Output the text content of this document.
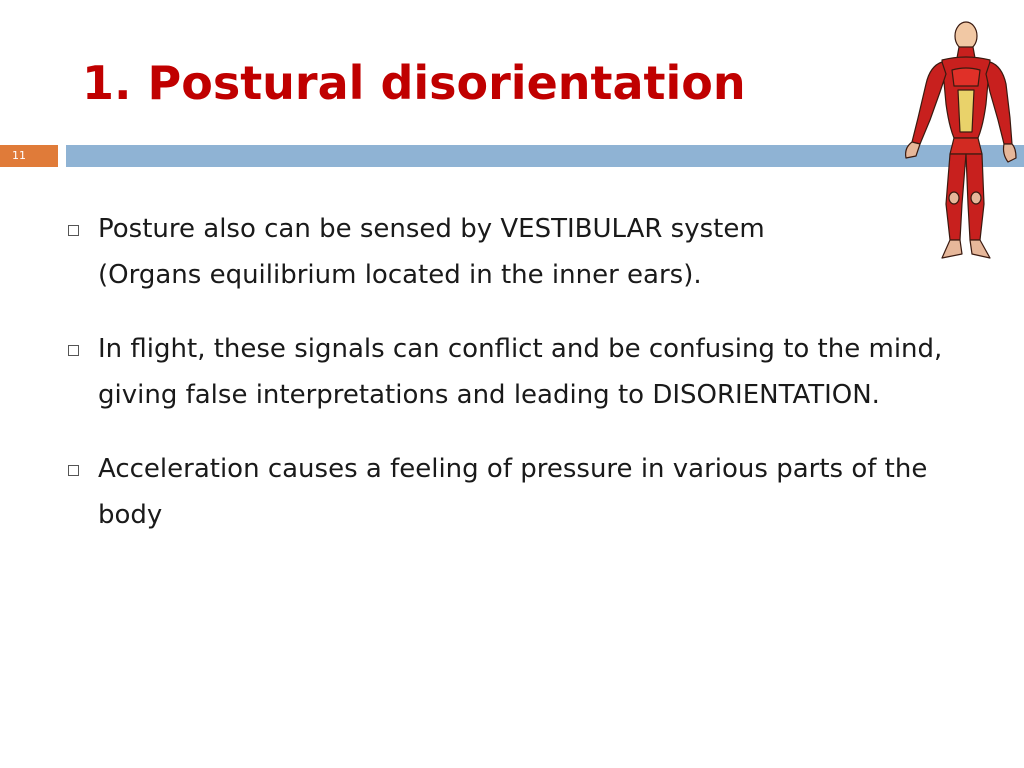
1. Postural disorientation
11
Posture also can be sensed by VESTIBULAR system (Organs equilibrium located in the inner ears).
In flight, these signals can conflict and be confusing to the mind, giving false interpretations and leading to DISORIENTATION.
Acceleration causes a feeling of pressure in various parts of the body
